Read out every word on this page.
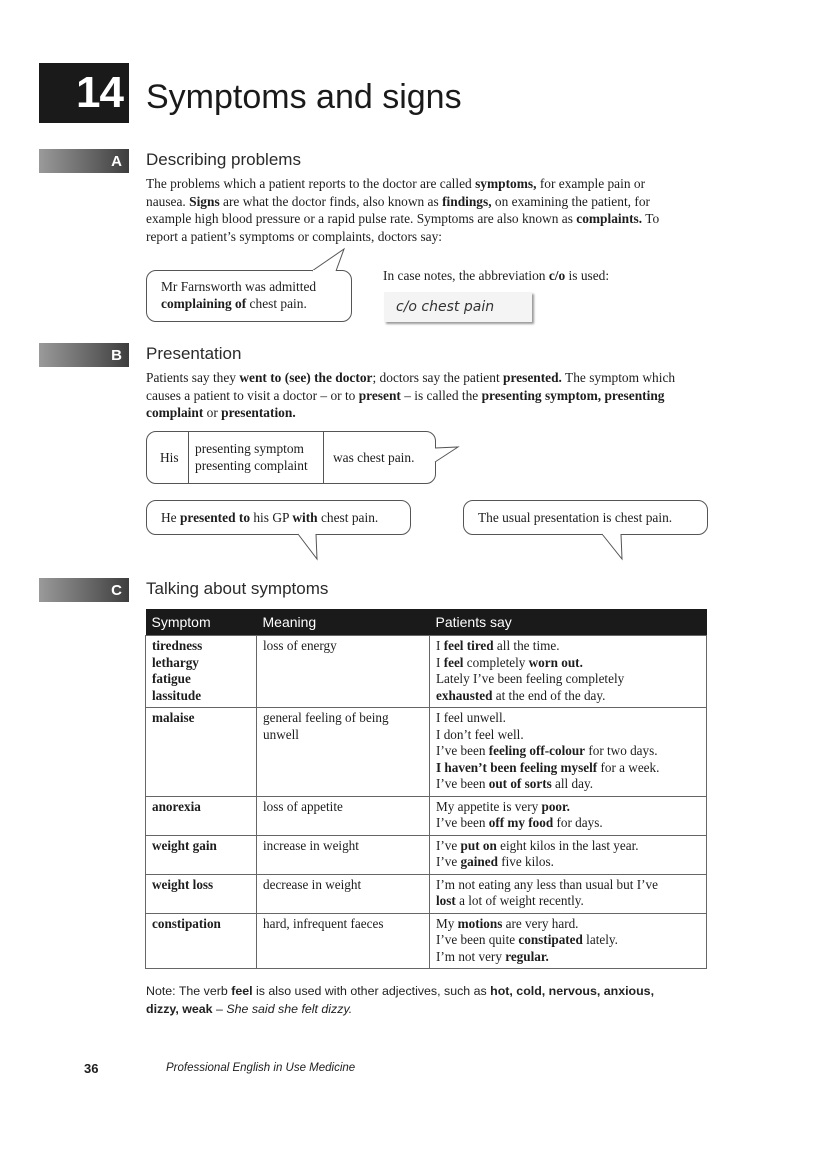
14 Symptoms and signs
A	Describing problems
The problems which a patient reports to the doctor are called symptoms, for example pain or nausea. Signs are what the doctor finds, also known as findings, on examining the patient, for example high blood pressure or a rapid pulse rate. Symptoms are also known as complaints. To report a patient’s symptoms or complaints, doctors say:
Mr Farnsworth was admitted
complaining of chest pain.
In case notes, the abbreviation c/o is used:
c/o chest pain
B	Presentation
Patients say they went to (see) the doctor; doctors say the patient presented. The symptom which causes a patient to visit a doctor – or to present – is called the presenting symptom, presenting complaint or presentation.
His
presenting symptom
presenting complaint
was chest pain.
He presented to his GP with chest pain.	The usual presentation is chest pain.
C	Talking about symptoms
Symptom	Meaning	Patients say

tiredness
lethargy
fatigue
lassitude	loss of energy	I feel tired all the time.
I feel completely worn out.
Lately I’ve been feeling completely
exhausted at the end of the day.

malaise	general feeling of being unwell	I feel unwell.
I don’t feel well.
I’ve been feeling off-colour for two days.
I haven’t been feeling myself for a week.
I’ve been out of sorts all day.

anorexia	loss of appetite	My appetite is very poor.
I’ve been off my food for days.

weight gain	increase in weight	I’ve put on eight kilos in the last year.
I’ve gained five kilos.

weight loss	decrease in weight	I’m not eating any less than usual but I’ve
lost a lot of weight recently.

constipation	hard, infrequent faeces	My motions are very hard.
I’ve been quite constipated lately.
I’m not very regular.
Note: The verb feel is also used with other adjectives, such as hot, cold, nervous, anxious, dizzy, weak – She said she felt dizzy.
36	Professional English in Use Medicine
